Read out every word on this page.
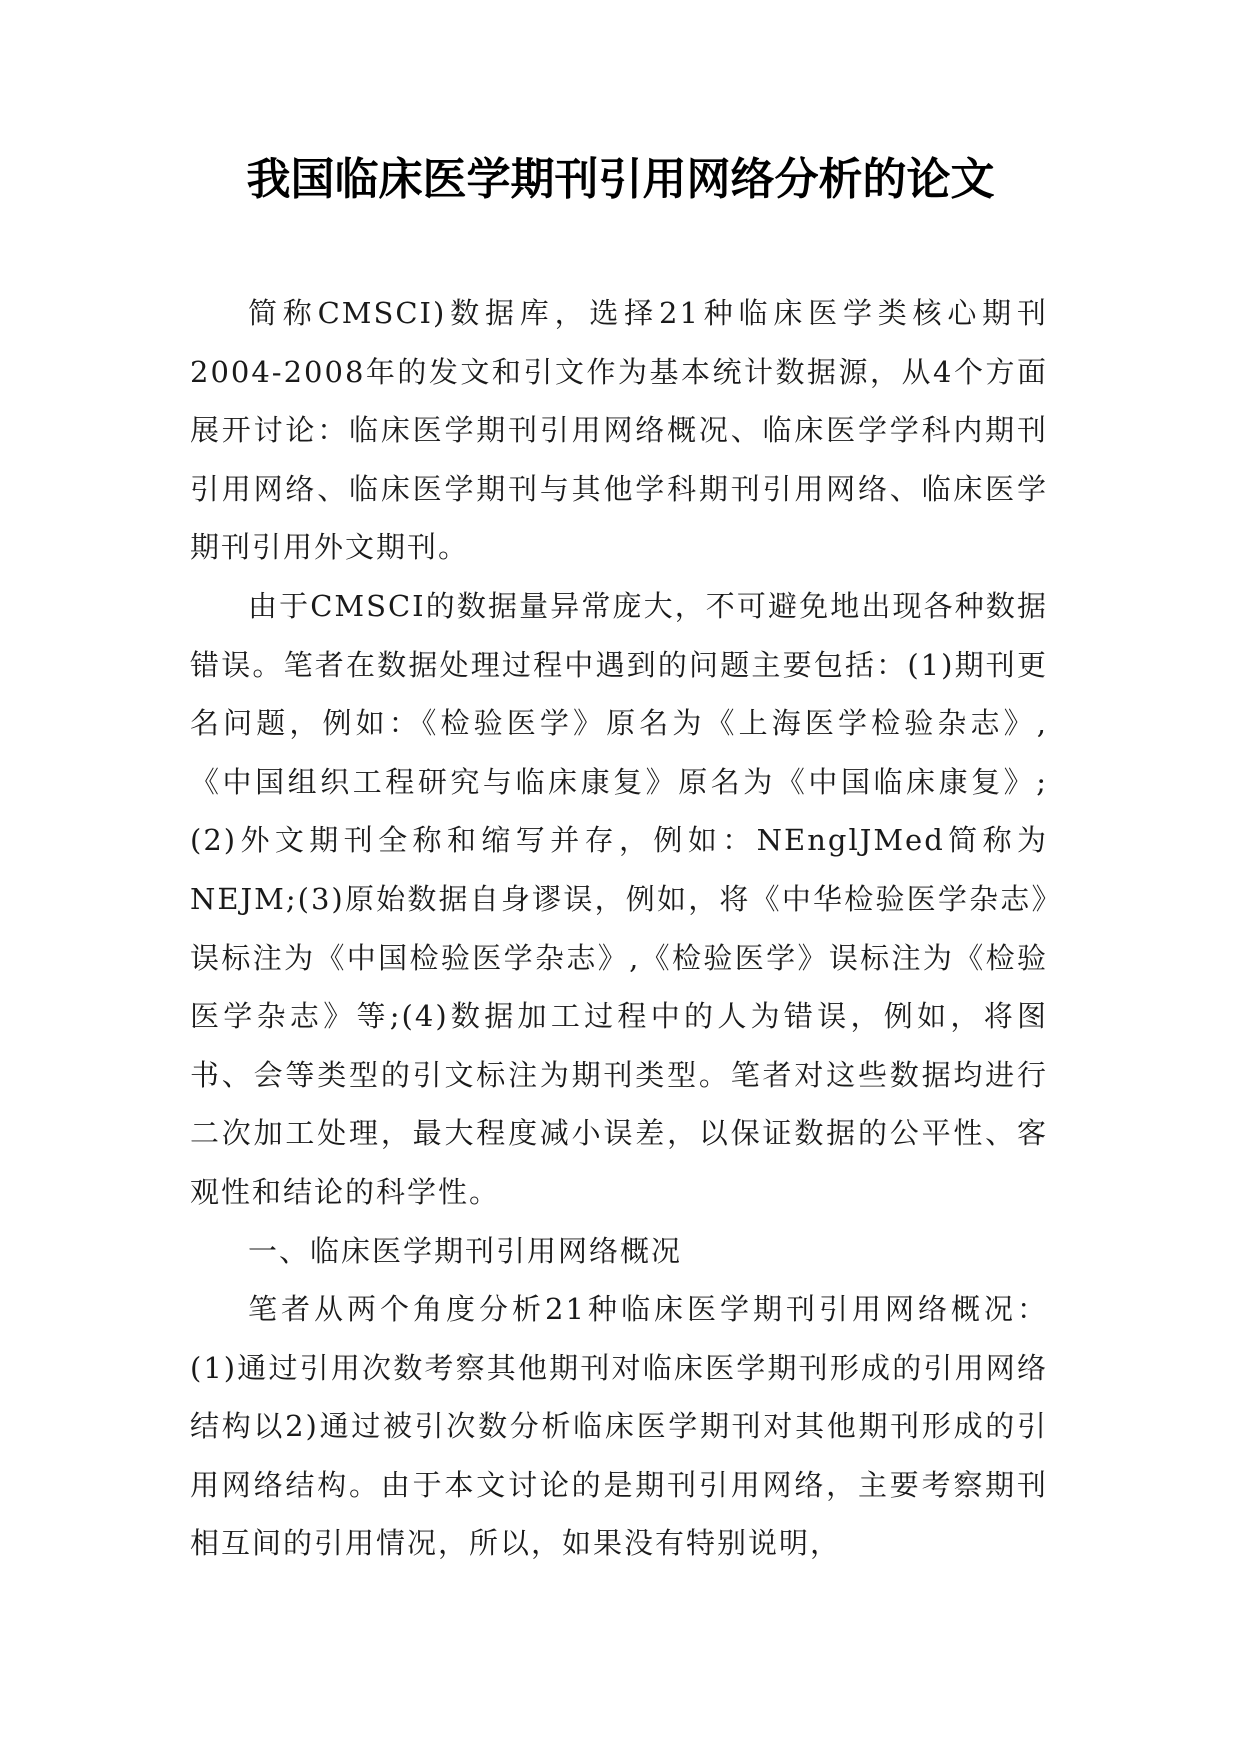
我国临床医学期刊引用网络分析的论文

简称CMSCI)数据库，选择21种临床医学类核心期刊2004-2008年的发文和引文作为基本统计数据源，从4个方面展开讨论：临床医学期刊引用网络概况、临床医学学科内期刊引用网络、临床医学期刊与其他学科期刊引用网络、临床医学期刊引用外文期刊。

由于CMSCI的数据量异常庞大，不可避免地出现各种数据错误。笔者在数据处理过程中遇到的问题主要包括：(1)期刊更名问题，例如：《检验医学》原名为《上海医学检验杂志》,《中国组织工程研究与临床康复》原名为《中国临床康复》;(2)外文期刊全称和缩写并存，例如：NEnglJMed简称为NEJM;(3)原始数据自身谬误，例如，将《中华检验医学杂志》误标注为《中国检验医学杂志》,《检验医学》误标注为《检验医学杂志》等;(4)数据加工过程中的人为错误，例如，将图书、会等类型的引文标注为期刊类型。笔者对这些数据均进行二次加工处理，最大程度减小误差，以保证数据的公平性、客观性和结论的科学性。

一、临床医学期刊引用网络概况

笔者从两个角度分析21种临床医学期刊引用网络概况：(1)通过引用次数考察其他期刊对临床医学期刊形成的引用网络结构以2)通过被引次数分析临床医学期刊对其他期刊形成的引用网络结构。由于本文讨论的是期刊引用网络，主要考察期刊相互间的引用情况，所以，如果没有特别说明，
